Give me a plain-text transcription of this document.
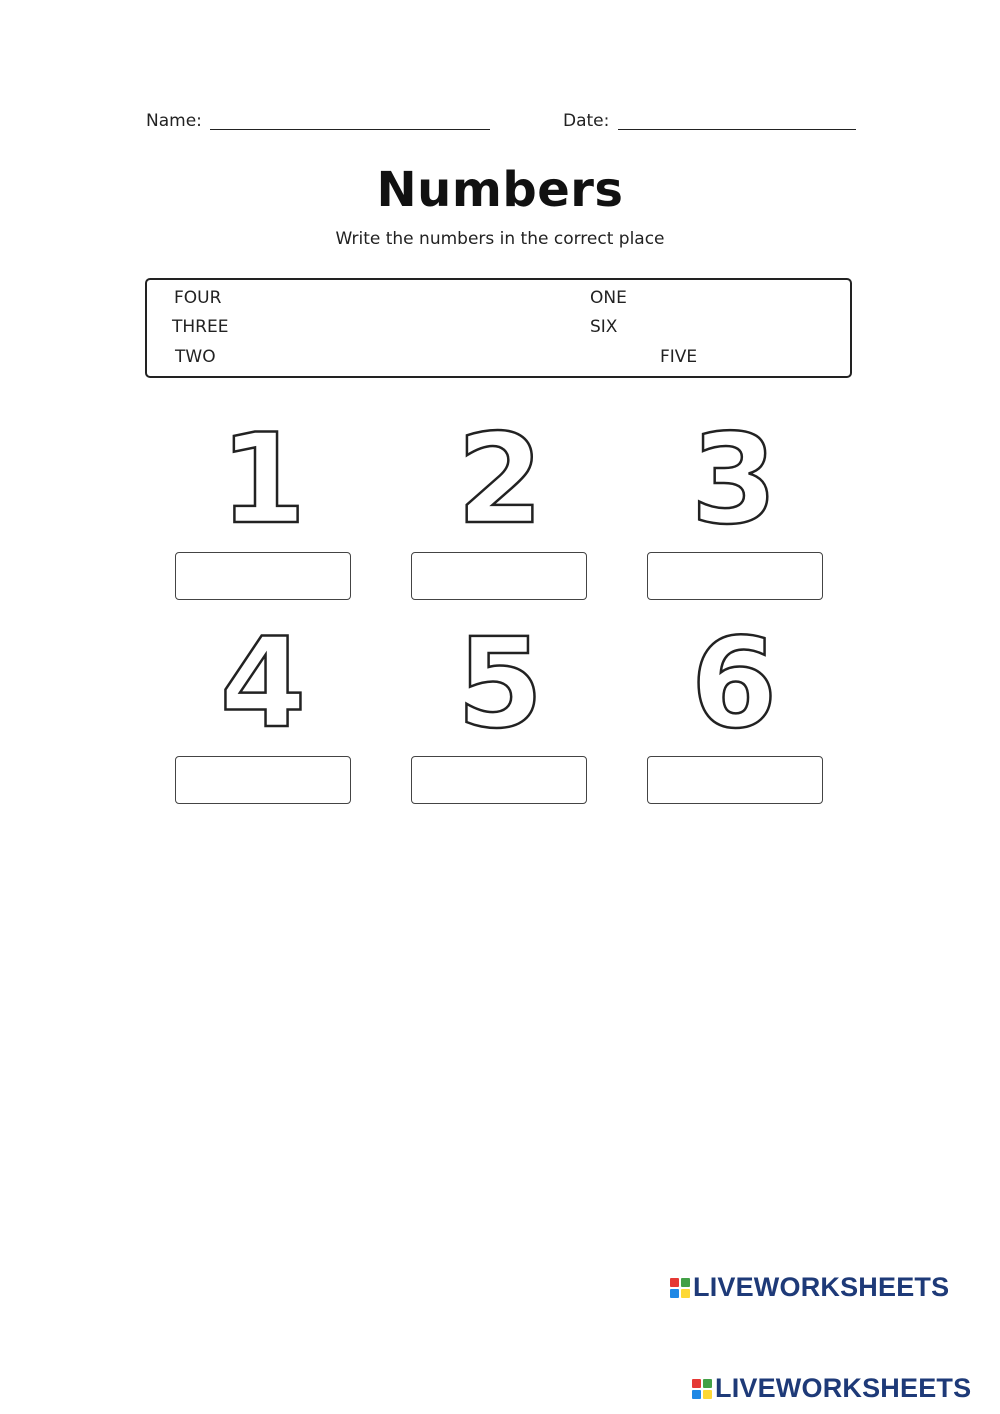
Name:	Date:
Numbers
Write the numbers in the correct place
FOUR	ONE
THREE	SIX
TWO	FIVE
1 2 3
4 5 6
LIVEWORKSHEETS
LIVEWORKSHEETS
